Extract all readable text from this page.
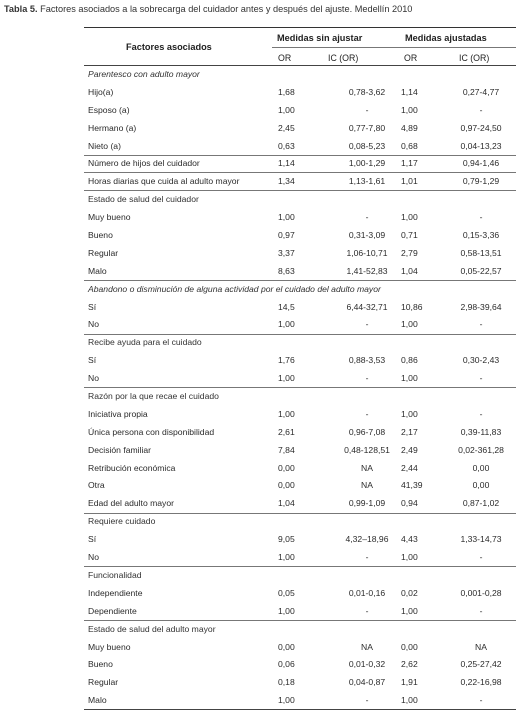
Tabla 5. Factores asociados a la sobrecarga del cuidador antes y después del ajuste. Medellín 2010
Factores asociados
Medidas sin ajustar	Medidas ajustadas
OR	IC (OR)	OR	IC (OR)
Parentesco con adulto mayor
Hijo(a)	1,68	0,78-3,62	1,14	0,27-4,77
Esposo (a)	1,00	-	1,00	-
Hermano (a)	2,45	0,77-7,80	4,89	0,97-24,50
Nieto (a)	0,63	0,08-5,23	0,68	0,04-13,23
Número de hijos del cuidador	1,14	1,00-1,29	1,17	0,94-1,46
Horas diarias que cuida al adulto mayor	1,34	1,13-1,61	1,01	0,79-1,29
Estado de salud del cuidador
Muy bueno	1,00	-	1,00	-
Bueno	0,97	0,31-3,09	0,71	0,15-3,36
Regular	3,37	1,06-10,71	2,79	0,58-13,51
Malo	8,63	1,41-52,83	1,04	0,05-22,57
Abandono o disminución de alguna actividad por el cuidado del adulto mayor
Sí	14,5	6,44-32,71	10,86	2,98-39,64
No	1,00	-	1,00	-
Recibe ayuda para el cuidado
Sí	1,76	0,88-3,53	0,86	0,30-2,43
No	1,00	-	1,00	-
Razón por la que recae el cuidado
Iniciativa propia	1,00	-	1,00	-
Única persona con disponibilidad	2,61	0,96-7,08	2,17	0,39-11,83
Decisión familiar	7,84	0,48-128,51	2,49	0,02-361,28
Retribución económica	0,00	NA	2,44	0,00
Otra	0,00	NA	41,39	0,00
Edad del adulto mayor	1,04	0,99-1,09	0,94	0,87-1,02
Requiere cuidado
Sí	9,05	4,32–18,96	4,43	1,33-14,73
No	1,00	-	1,00	-
Funcionalidad
Independiente	0,05	0,01-0,16	0,02	0,001-0,28
Dependiente	1,00	-	1,00	-
Estado de salud del adulto mayor
Muy bueno	0,00	NA	0,00	NA
Bueno	0,06	0,01-0,32	2,62	0,25-27,42
Regular	0,18	0,04-0,87	1,91	0,22-16,98
Malo	1,00	-	1,00	-
